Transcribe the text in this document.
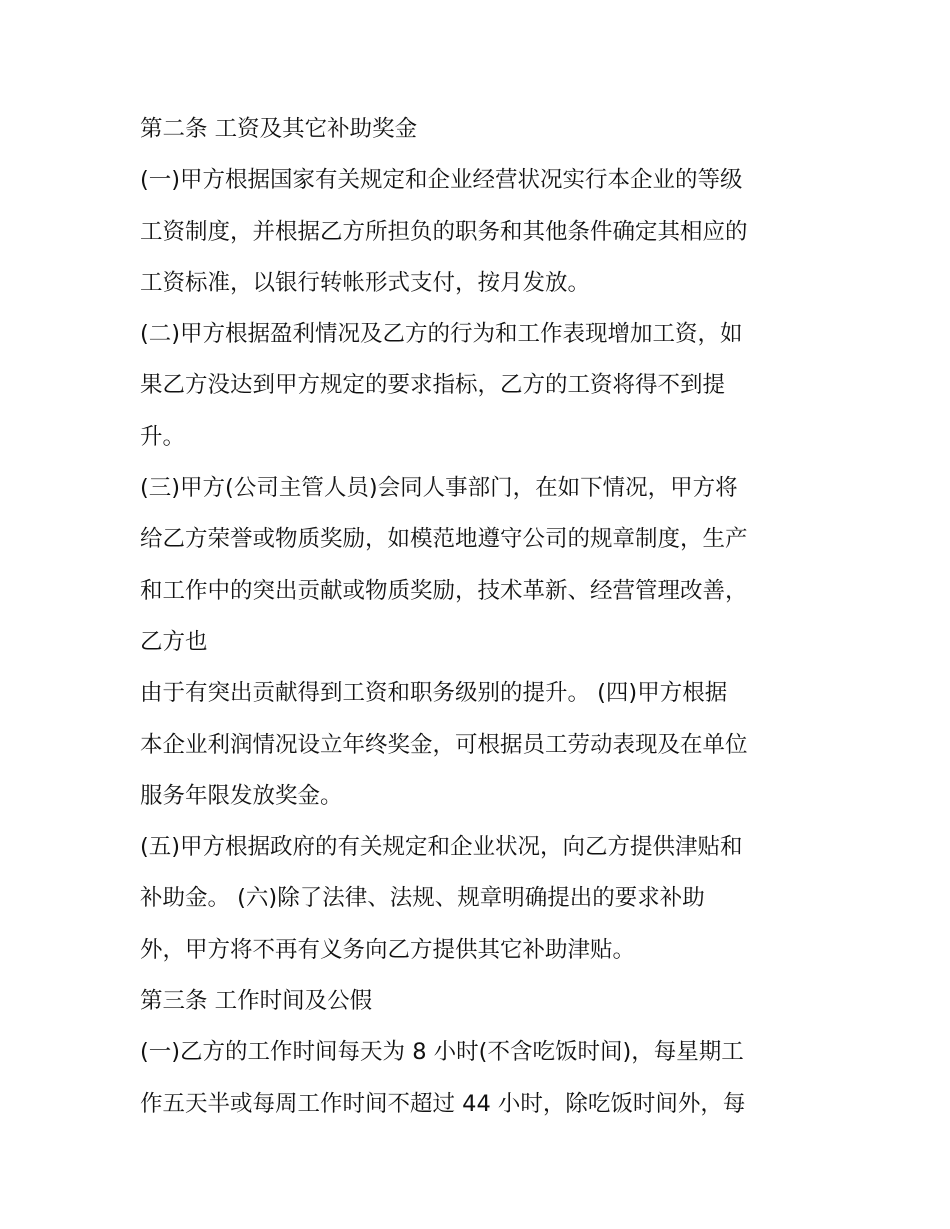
第二条 工资及其它补助奖金
(一)甲方根据国家有关规定和企业经营状况实行本企业的等级
工资制度，并根据乙方所担负的职务和其他条件确定其相应的
工资标准，以银行转帐形式支付，按月发放。
(二)甲方根据盈利情况及乙方的行为和工作表现增加工资，如
果乙方没达到甲方规定的要求指标，乙方的工资将得不到提
升。
(三)甲方(公司主管人员)会同人事部门，在如下情况，甲方将
给乙方荣誉或物质奖励，如模范地遵守公司的规章制度，生产
和工作中的突出贡献或物质奖励，技术革新、经营管理改善，
乙方也
由于有突出贡献得到工资和职务级别的提升。 (四)甲方根据
本企业利润情况设立年终奖金，可根据员工劳动表现及在单位
服务年限发放奖金。
(五)甲方根据政府的有关规定和企业状况，向乙方提供津贴和
补助金。 (六)除了法律、法规、规章明确提出的要求补助
外，甲方将不再有义务向乙方提供其它补助津贴。
第三条 工作时间及公假
(一)乙方的工作时间每天为 8 小时(不含吃饭时间)，每星期工
作五天半或每周工作时间不超过 44 小时，除吃饭时间外，每
